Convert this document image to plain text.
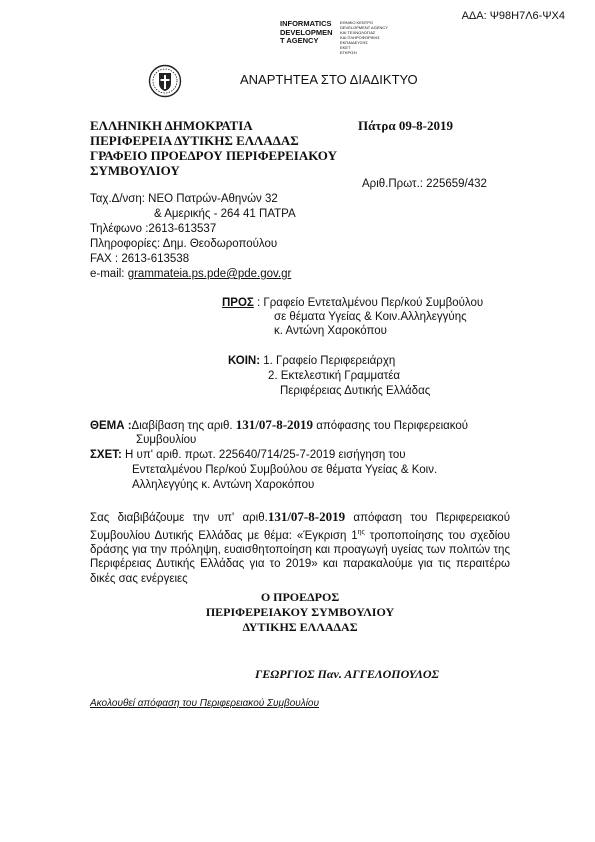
ΑΔΑ: Ψ98Η7Λ6-ΨΧ4
INFORMATICS
DEVELOPMEN
T AGENCY
ΕΘΝΙΚΟ ΚΕΝΤΡΟ
DEVELOPMENT AGENCY
ΚΑΙ ΤΕΧΝΟΛΟΓΙΑΣ
ΚΑΙ ΠΛΗΡΟΦΟΡΙΚΗΣ
ΕΚΠΑΙΔΕΥΣΗΣ
ΕΚΕΤ
ΕΓΚΡΙΣΗ
ΑΝΑΡΤΗΤΕΑ ΣΤΟ ΔΙΑΔΙΚΤΥΟ
ΕΛΛΗΝΙΚΗ ΔΗΜΟΚΡΑΤΙΑ
ΠΕΡΙΦΕΡΕΙΑ ΔΥΤΙΚΗΣ ΕΛΛΑΔΑΣ
ΓΡΑΦΕΙΟ ΠΡΟΕΔΡΟΥ ΠΕΡΙΦΕΡΕΙΑΚΟΥ
ΣΥΜΒΟΥΛΙΟΥ
Πάτρα 09-8-2019
Αριθ.Πρωτ.: 225659/432
Ταχ.Δ/νση: ΝΕΟ Πατρών-Αθηνών 32
& Αμερικής - 264 41 ΠΑΤΡΑ
Τηλέφωνο :2613-613537
Πληροφορίες: Δημ. Θεοδωροπούλου
FAX : 2613-613538
e-mail: grammateia.ps.pde@pde.gov.gr
ΠΡΟΣ : Γραφείο Εντεταλμένου Περ/κού Συμβούλου
σε θέματα Υγείας & Κοιν.Αλληλεγγύης
κ. Αντώνη Χαροκόπου
ΚΟΙΝ: 1. Γραφείο Περιφερειάρχη
2. Εκτελεστική Γραμματέα
Περιφέρειας Δυτικής Ελλάδας
ΘΕΜΑ :Διαβίβαση της αριθ. 131/07-8-2019 απόφασης του Περιφερειακού
Συμβουλίου
ΣΧΕΤ: Η υπ' αριθ. πρωτ. 225640/714/25-7-2019 εισήγηση του
Εντεταλμένου Περ/κού Συμβούλου σε θέματα Υγείας & Κοιν.
Αλληλεγγύης κ. Αντώνη Χαροκόπου
Σας διαβιβάζουμε την υπ' αριθ.131/07-8-2019 απόφαση του Περιφερειακού Συμβουλίου Δυτικής Ελλάδας με θέμα: «Έγκριση $1^{\eta\varsigma}$ τροποποίησης του σχεδίου δράσης για την πρόληψη, ευαισθητοποίηση και προαγωγή υγείας των πολιτών της Περιφέρειας Δυτικής Ελλάδας για το 2019» και παρακαλούμε για τις περαιτέρω δικές σας ενέργειες
Ο ΠΡΟΕΔΡΟΣ
ΠΕΡΙΦΕΡΕΙΑΚΟΥ ΣΥΜΒΟΥΛΙΟΥ
ΔΥΤΙΚΗΣ ΕΛΛΑΔΑΣ
ΓΕΩΡΓΙΟΣ Παν. ΑΓΓΕΛΟΠΟΥΛΟΣ
Ακολουθεί απόφαση του Περιφερειακού Συμβουλίου
